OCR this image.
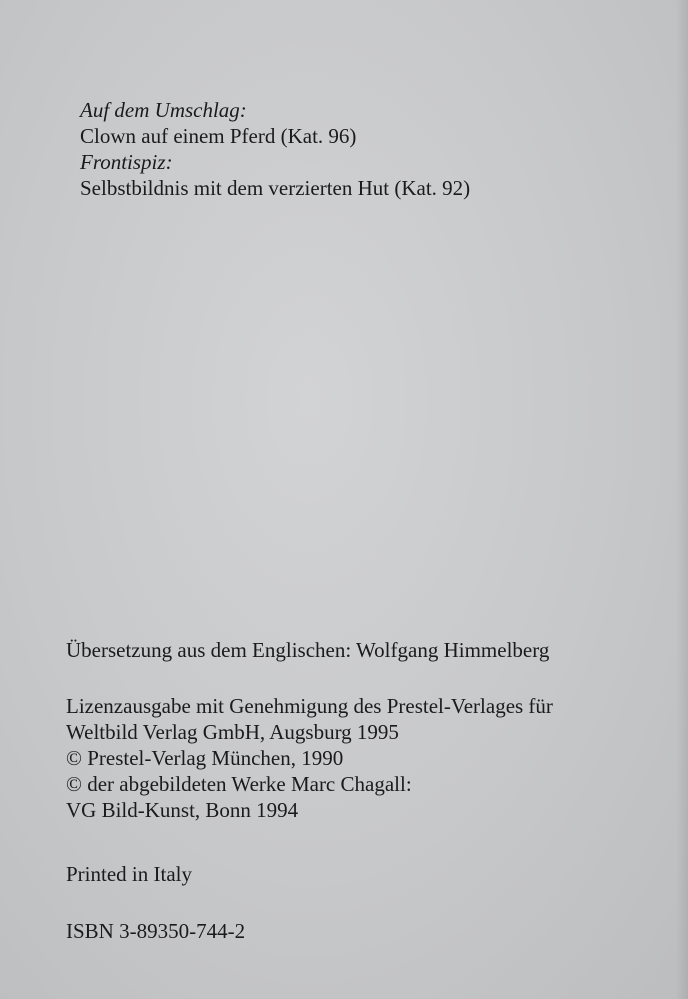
Auf dem Umschlag:

Clown auf einem Pferd (Kat. 96)

Frontispiz:

Selbstbildnis mit dem verzierten Hut (Kat. 92)

Übersetzung aus dem Englischen: Wolfgang Himmelberg

Lizenzausgabe mit Genehmigung des Prestel-Verlages für

Weltbild Verlag GmbH, Augsburg 1995

© Prestel-Verlag München, 1990

© der abgebildeten Werke Marc Chagall:

VG Bild-Kunst, Bonn 1994

Printed in Italy

ISBN 3-89350-744-2
